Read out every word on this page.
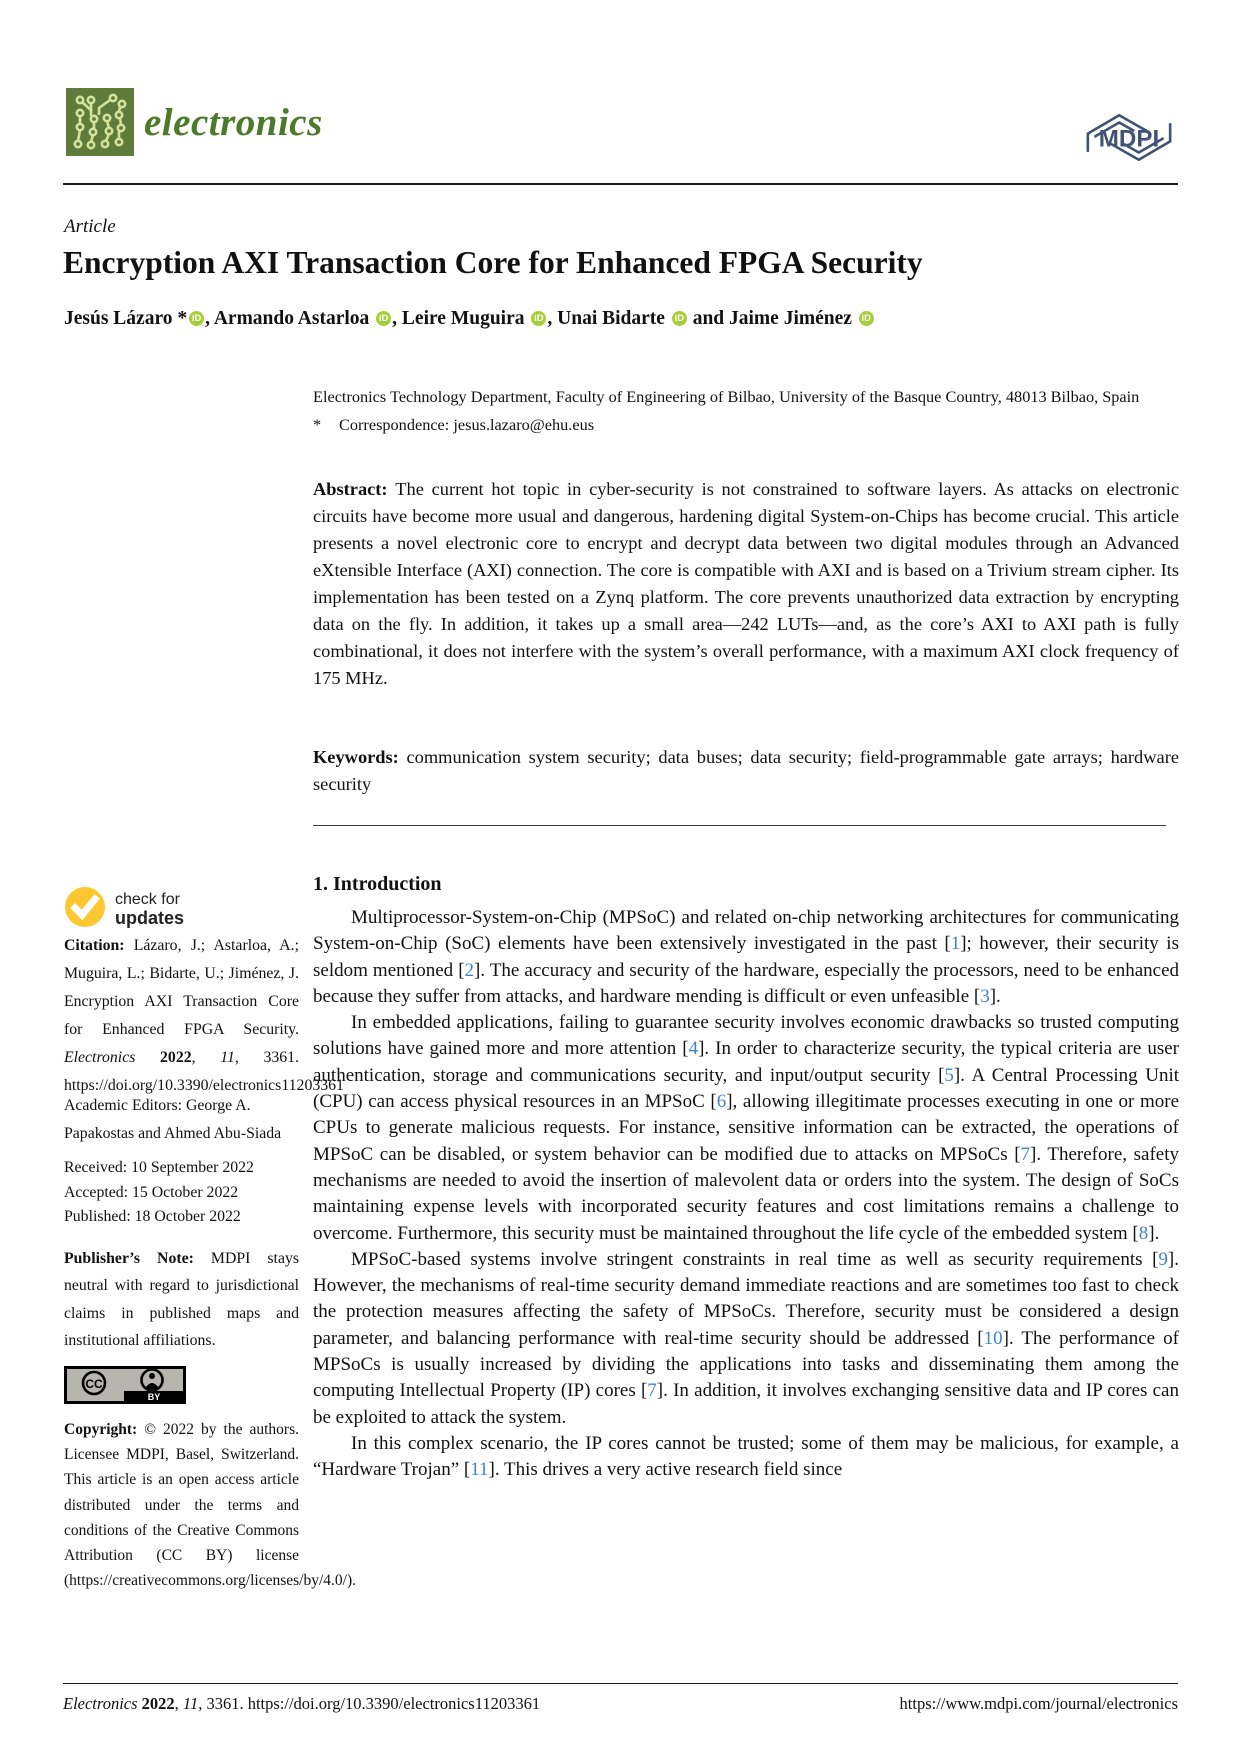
electronics	MDPI
Article
Encryption AXI Transaction Core for Enhanced FPGA Security
Jesús Lázaro * iD , Armando Astarloa iD , Leire Muguira iD , Unai Bidarte iD and Jaime Jiménez iD
Electronics Technology Department, Faculty of Engineering of Bilbao, University of the Basque Country, 48013 Bilbao, Spain
*	Correspondence: jesus.lazaro@ehu.eus
Abstract: The current hot topic in cyber-security is not constrained to software layers. As attacks on electronic circuits have become more usual and dangerous, hardening digital System-on-Chips has become crucial. This article presents a novel electronic core to encrypt and decrypt data between two digital modules through an Advanced eXtensible Interface (AXI) connection. The core is compatible with AXI and is based on a Trivium stream cipher. Its implementation has been tested on a Zynq platform. The core prevents unauthorized data extraction by encrypting data on the fly. In addition, it takes up a small area—242 LUTs—and, as the core’s AXI to AXI path is fully combinational, it does not interfere with the system’s overall performance, with a maximum AXI clock frequency of 175 MHz.
Keywords: communication system security; data buses; data security; field-programmable gate arrays; hardware security
check for
updates
Citation: Lázaro, J.; Astarloa, A.; Muguira, L.; Bidarte, U.; Jiménez, J. Encryption AXI Transaction Core for Enhanced FPGA Security. Electronics 2022, 11, 3361. https://doi.org/10.3390/electronics11203361
Academic Editors: George A. Papakostas and Ahmed Abu-Siada
Received: 10 September 2022
Accepted: 15 October 2022
Published: 18 October 2022
Publisher’s Note: MDPI stays neutral with regard to jurisdictional claims in published maps and institutional affiliations.
CC
BY
Copyright: © 2022 by the authors. Licensee MDPI, Basel, Switzerland. This article is an open access article distributed under the terms and conditions of the Creative Commons Attribution (CC BY) license (https://creativecommons.org/licenses/by/4.0/).
1. Introduction

Multiprocessor-System-on-Chip (MPSoC) and related on-chip networking architectures for communicating System-on-Chip (SoC) elements have been extensively investigated in the past [1]; however, their security is seldom mentioned [2]. The accuracy and security of the hardware, especially the processors, need to be enhanced because they suffer from attacks, and hardware mending is difficult or even unfeasible [3].

In embedded applications, failing to guarantee security involves economic drawbacks so trusted computing solutions have gained more and more attention [4]. In order to characterize security, the typical criteria are user authentication, storage and communications security, and input/output security [5]. A Central Processing Unit (CPU) can access physical resources in an MPSoC [6], allowing illegitimate processes executing in one or more CPUs to generate malicious requests. For instance, sensitive information can be extracted, the operations of MPSoC can be disabled, or system behavior can be modified due to attacks on MPSoCs [7]. Therefore, safety mechanisms are needed to avoid the insertion of malevolent data or orders into the system. The design of SoCs maintaining expense levels with incorporated security features and cost limitations remains a challenge to overcome. Furthermore, this security must be maintained throughout the life cycle of the embedded system [8].

MPSoC-based systems involve stringent constraints in real time as well as security requirements [9]. However, the mechanisms of real-time security demand immediate reactions and are sometimes too fast to check the protection measures affecting the safety of MPSoCs. Therefore, security must be considered a design parameter, and balancing performance with real-time security should be addressed [10]. The performance of MPSoCs is usually increased by dividing the applications into tasks and disseminating them among the computing Intellectual Property (IP) cores [7]. In addition, it involves exchanging sensitive data and IP cores can be exploited to attack the system.

In this complex scenario, the IP cores cannot be trusted; some of them may be malicious, for example, a “Hardware Trojan” [11]. This drives a very active research field since

Electronics 2022, 11, 3361. https://doi.org/10.3390/electronics11203361	https://www.mdpi.com/journal/electronics
